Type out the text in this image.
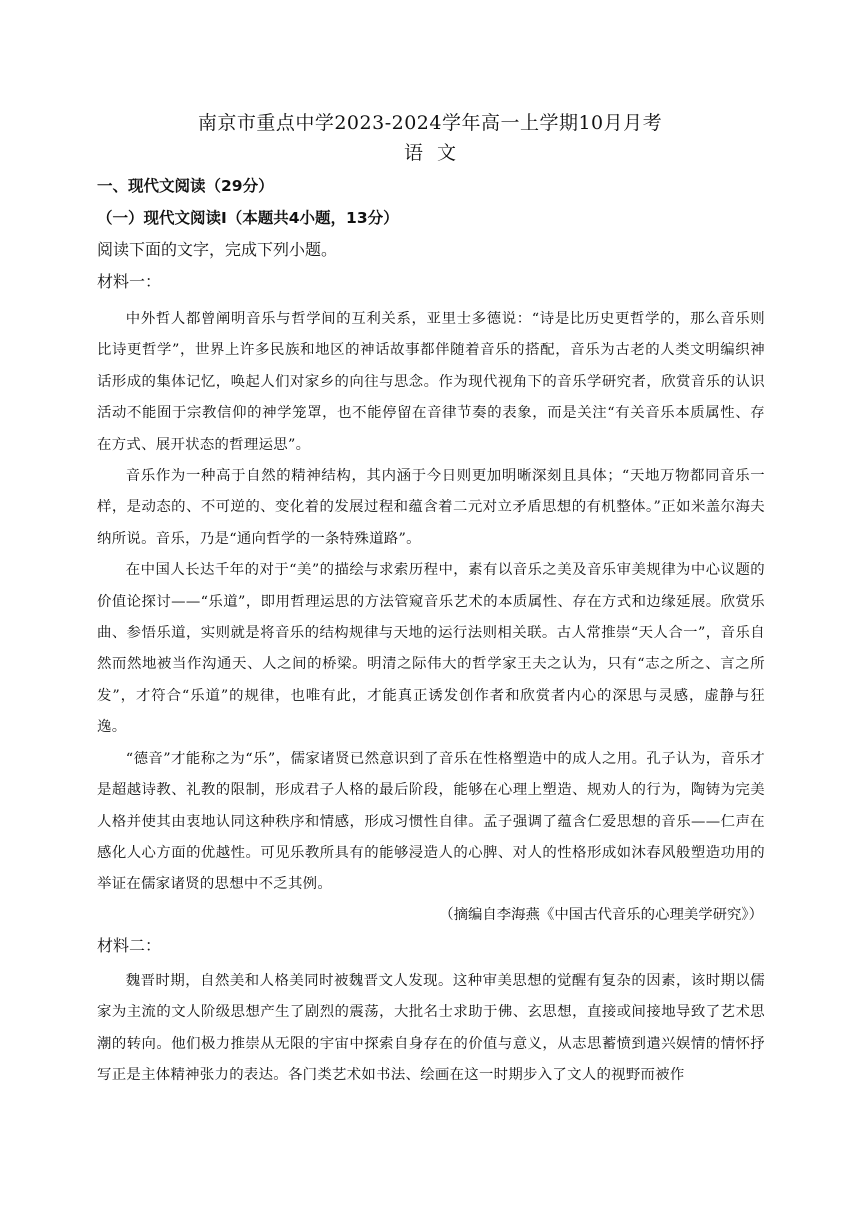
南京市重点中学2023-2024学年高一上学期10月月考
语文
一、现代文阅读（29分）
（一）现代文阅读Ⅰ（本题共4小题，13分）
阅读下面的文字，完成下列小题。
材料一：

中外哲人都曾阐明音乐与哲学间的互利关系，亚里士多德说：“诗是比历史更哲学的，那么音乐则比诗更哲学”，世界上许多民族和地区的神话故事都伴随着音乐的搭配，音乐为古老的人类文明编织神话形成的集体记忆，唤起人们对家乡的向往与思念。作为现代视角下的音乐学研究者，欣赏音乐的认识活动不能囿于宗教信仰的神学笼罩，也不能停留在音律节奏的表象，而是关注“有关音乐本质属性、存在方式、展开状态的哲理运思”。

音乐作为一种高于自然的精神结构，其内涵于今日则更加明晰深刻且具体；“天地万物都同音乐一样，是动态的、不可逆的、变化着的发展过程和蕴含着二元对立矛盾思想的有机整体。”正如米盖尔海夫纳所说。音乐，乃是“通向哲学的一条特殊道路”。

在中国人长达千年的对于“美”的描绘与求索历程中，素有以音乐之美及音乐审美规律为中心议题的价值论探讨——“乐道”，即用哲理运思的方法管窥音乐艺术的本质属性、存在方式和边缘延展。欣赏乐曲、参悟乐道，实则就是将音乐的结构规律与天地的运行法则相关联。古人常推崇“天人合一”，音乐自然而然地被当作沟通天、人之间的桥梁。明清之际伟大的哲学家王夫之认为，只有“志之所之、言之所发”，才符合“乐道”的规律，也唯有此，才能真正诱发创作者和欣赏者内心的深思与灵感，虚静与狂逸。

“德音”才能称之为“乐”，儒家诸贤已然意识到了音乐在性格塑造中的成人之用。孔子认为，音乐才是超越诗教、礼教的限制，形成君子人格的最后阶段，能够在心理上塑造、规劝人的行为，陶铸为完美人格并使其由衷地认同这种秩序和情感，形成习惯性自律。孟子强调了蕴含仁爱思想的音乐——仁声在感化人心方面的优越性。可见乐教所具有的能够浸造人的心脾、对人的性格形成如沐春风般塑造功用的举证在儒家诸贤的思想中不乏其例。

（摘编自李海燕《中国古代音乐的心理美学研究》）
材料二：

魏晋时期，自然美和人格美同时被魏晋文人发现。这种审美思想的觉醒有复杂的因素，该时期以儒家为主流的文人阶级思想产生了剧烈的震荡，大批名士求助于佛、玄思想，直接或间接地导致了艺术思潮的转向。他们极力推崇从无限的宇宙中探索自身存在的价值与意义，从志思蓄愤到遣兴娱情的情怀抒写正是主体精神张力的表达。各门类艺术如书法、绘画在这一时期步入了文人的视野而被作
